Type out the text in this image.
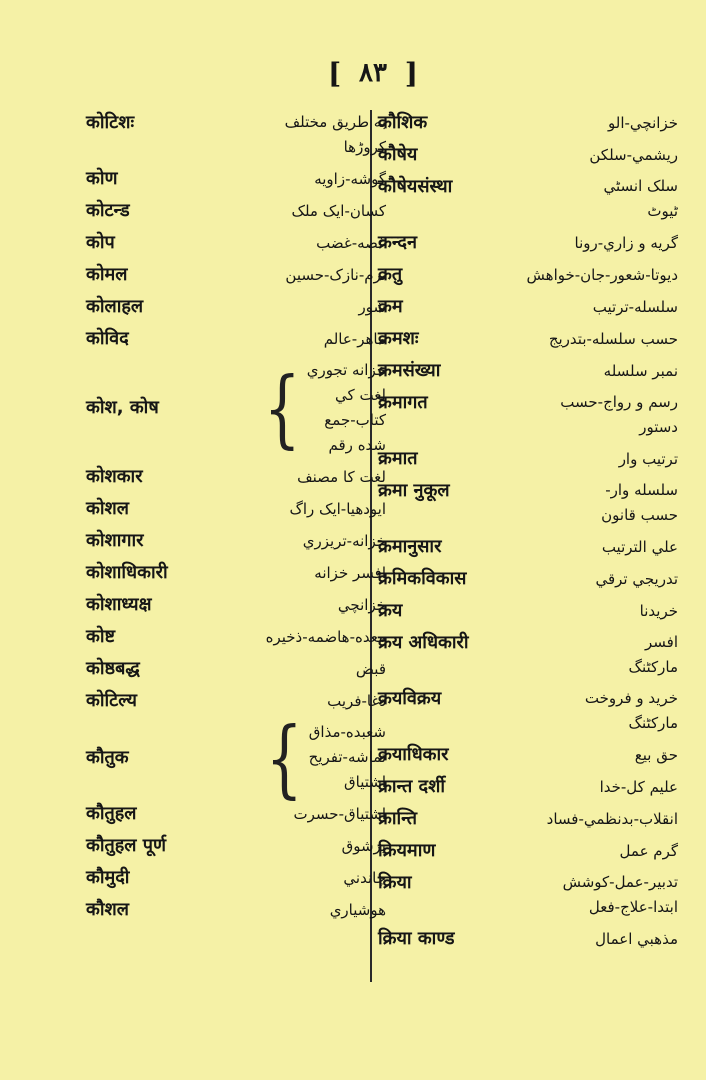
[ ٨٣ ]
कोटिशः	به طريق مختلف
كروڑها
कोण	گوشه-زاويه
कोटन्ड	كسان-ايک ملک
कोप	غصه-غضب
कोमल	نرم-نازک-حسين
कोलाहल	شور
कोविद	ماهر-عالم
कोश, कोष { خزانه تجوري
لغت كي
كتاب-جمع
شده رقم
कोशकार	لغت كا مصنف
कोशल	ايودهيا-ايک راگ
कोशागार	خزانه-تريزري
कोशाधिकारी	افسر خزانه
कोशाध्यक्ष	خزانچي
कोष्ट	معده-هاضمه-ذخيره
कोष्ठबद्ध	قبض
कोटिल्य	دغا-فريب
कौतुक { شعبده-مذاق
تماشه-تفريح
اشتياق
कौतुहल	اشتياق-حسرت
कौतुहल पूर्ण	پرشوق
कौमुदी	چاندني
कौशल	هوشياري
कौशिक	خزانچي-الو
कौषेय	ريشمي-سلكن
कौषेयसंस्था	سلک انسٹي
ٹيوٹ
क्रन्दन	گريه و زاري-رونا
क्रतु	ديوتا-شعور-جان-خواهش
क्रम	سلسله-ترتيب
क्रमशः	حسب سلسله-بتدريج
क्रमसंख्या	نمبر سلسله
क्रमागत	رسم و رواج-حسب
دستور
क्रमात	ترتيب وار
क्रमा नुकूल	سلسله وار-
حسب قانون
क्रमानुसार	علي الترتيب
क्रमिकविकास	تدريجي ترقي
क्रय	خريدنا
क्रय अधिकारी	افسر
ماركٹنگ
क्रयविक्रय	خريد و فروخت
ماركٹنگ
क्रयाधिकार	حق بيع
क्रान्त दर्शी	عليم كل-خدا
क्रान्ति	انقلاب-بدنظمي-فساد
क्रियमाण	گرم عمل
क्रिया	تدبير-عمل-كوشش
ابتدا-علاج-فعل
क्रिया काण्ड	مذهبي اعمال
